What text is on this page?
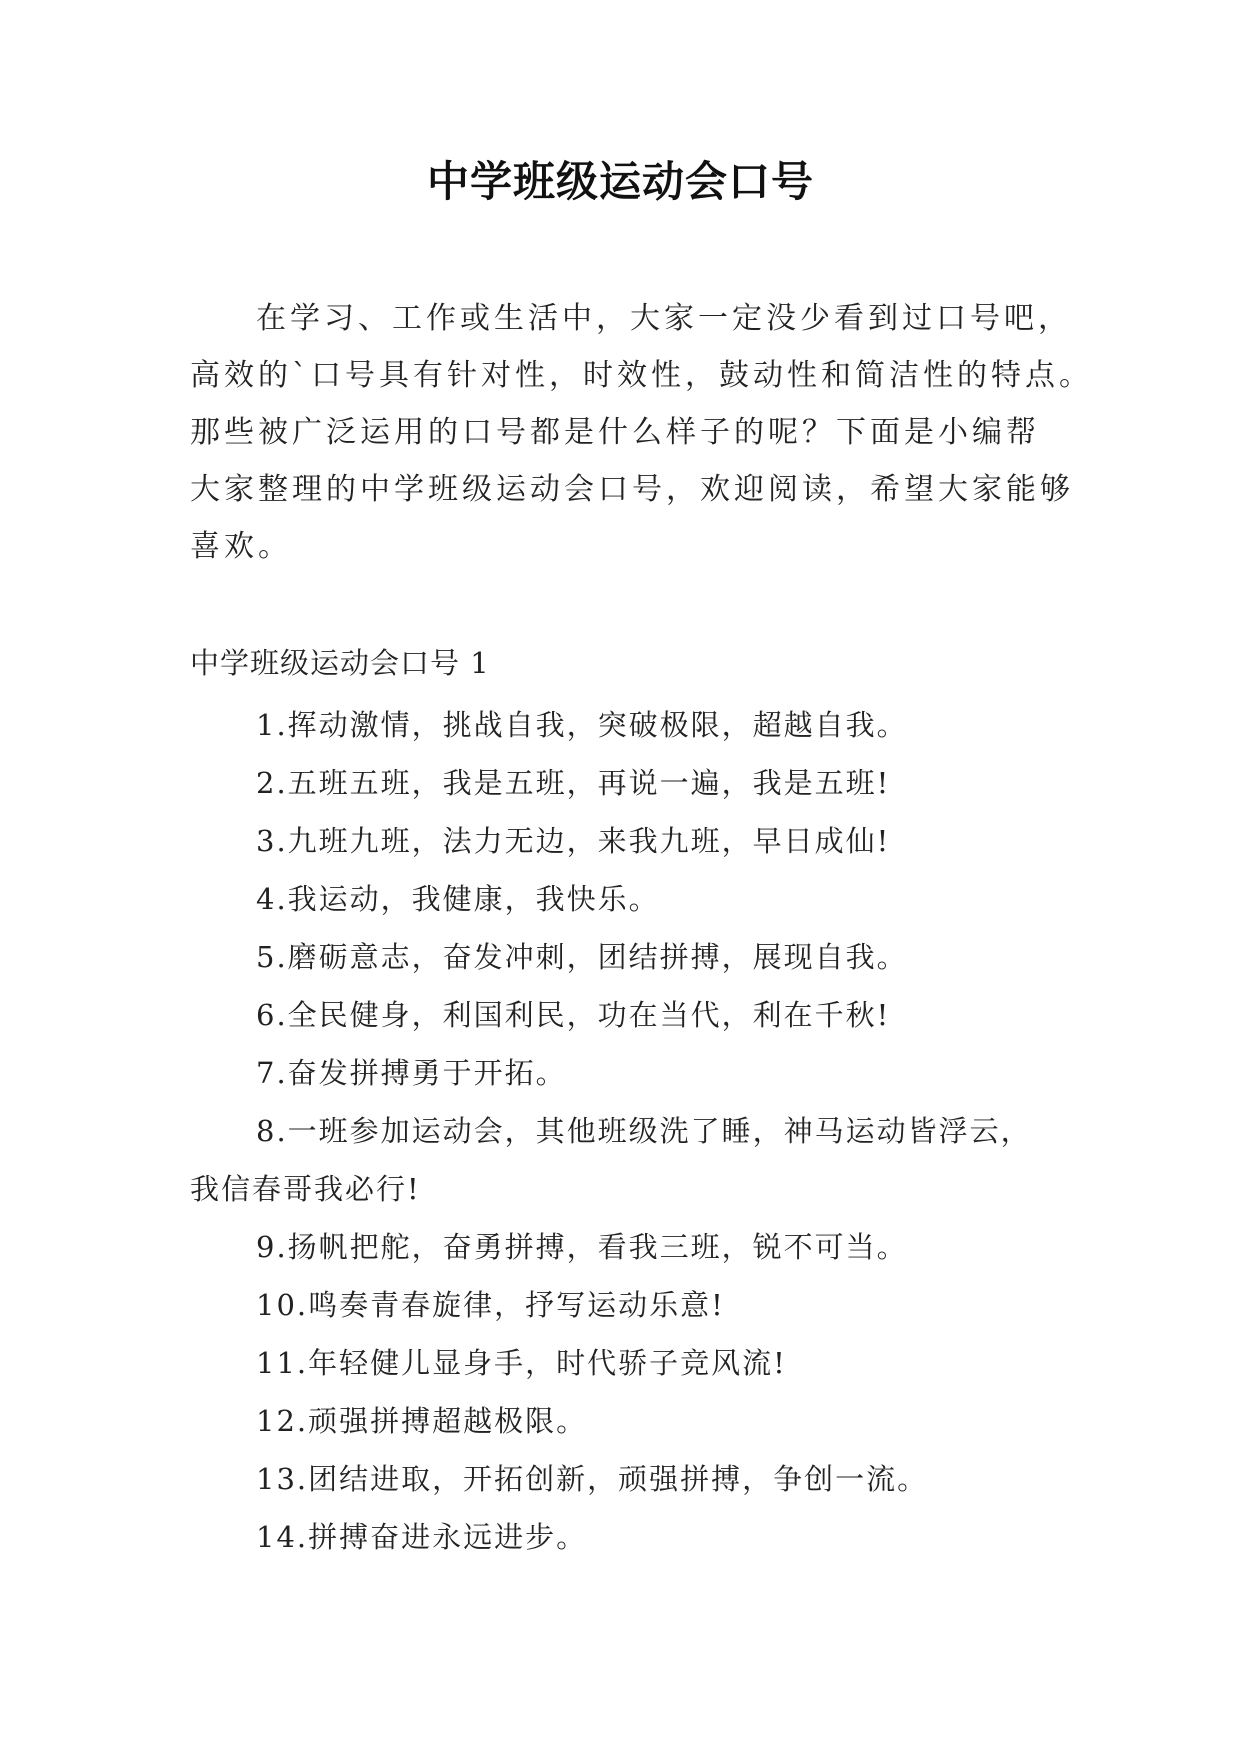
中学班级运动会口号
在学习、工作或生活中，大家一定没少看到过口号吧，
高效的`口号具有针对性，时效性，鼓动性和简洁性的特点。
那些被广泛运用的口号都是什么样子的呢？下面是小编帮
大家整理的中学班级运动会口号，欢迎阅读，希望大家能够
喜欢。
中学班级运动会口号 1
1.挥动激情，挑战自我，突破极限，超越自我。
2.五班五班，我是五班，再说一遍，我是五班!
3.九班九班，法力无边，来我九班，早日成仙!
4.我运动，我健康，我快乐。
5.磨砺意志，奋发冲刺，团结拼搏，展现自我。
6.全民健身，利国利民，功在当代，利在千秋!
7.奋发拼搏勇于开拓。
8.一班参加运动会，其他班级洗了睡，神马运动皆浮云，
我信春哥我必行!
9.扬帆把舵，奋勇拼搏，看我三班，锐不可当。
10.鸣奏青春旋律，抒写运动乐意!
11.年轻健儿显身手，时代骄子竞风流!
12.顽强拼搏超越极限。
13.团结进取，开拓创新，顽强拼搏，争创一流。
14.拼搏奋进永远进步。
